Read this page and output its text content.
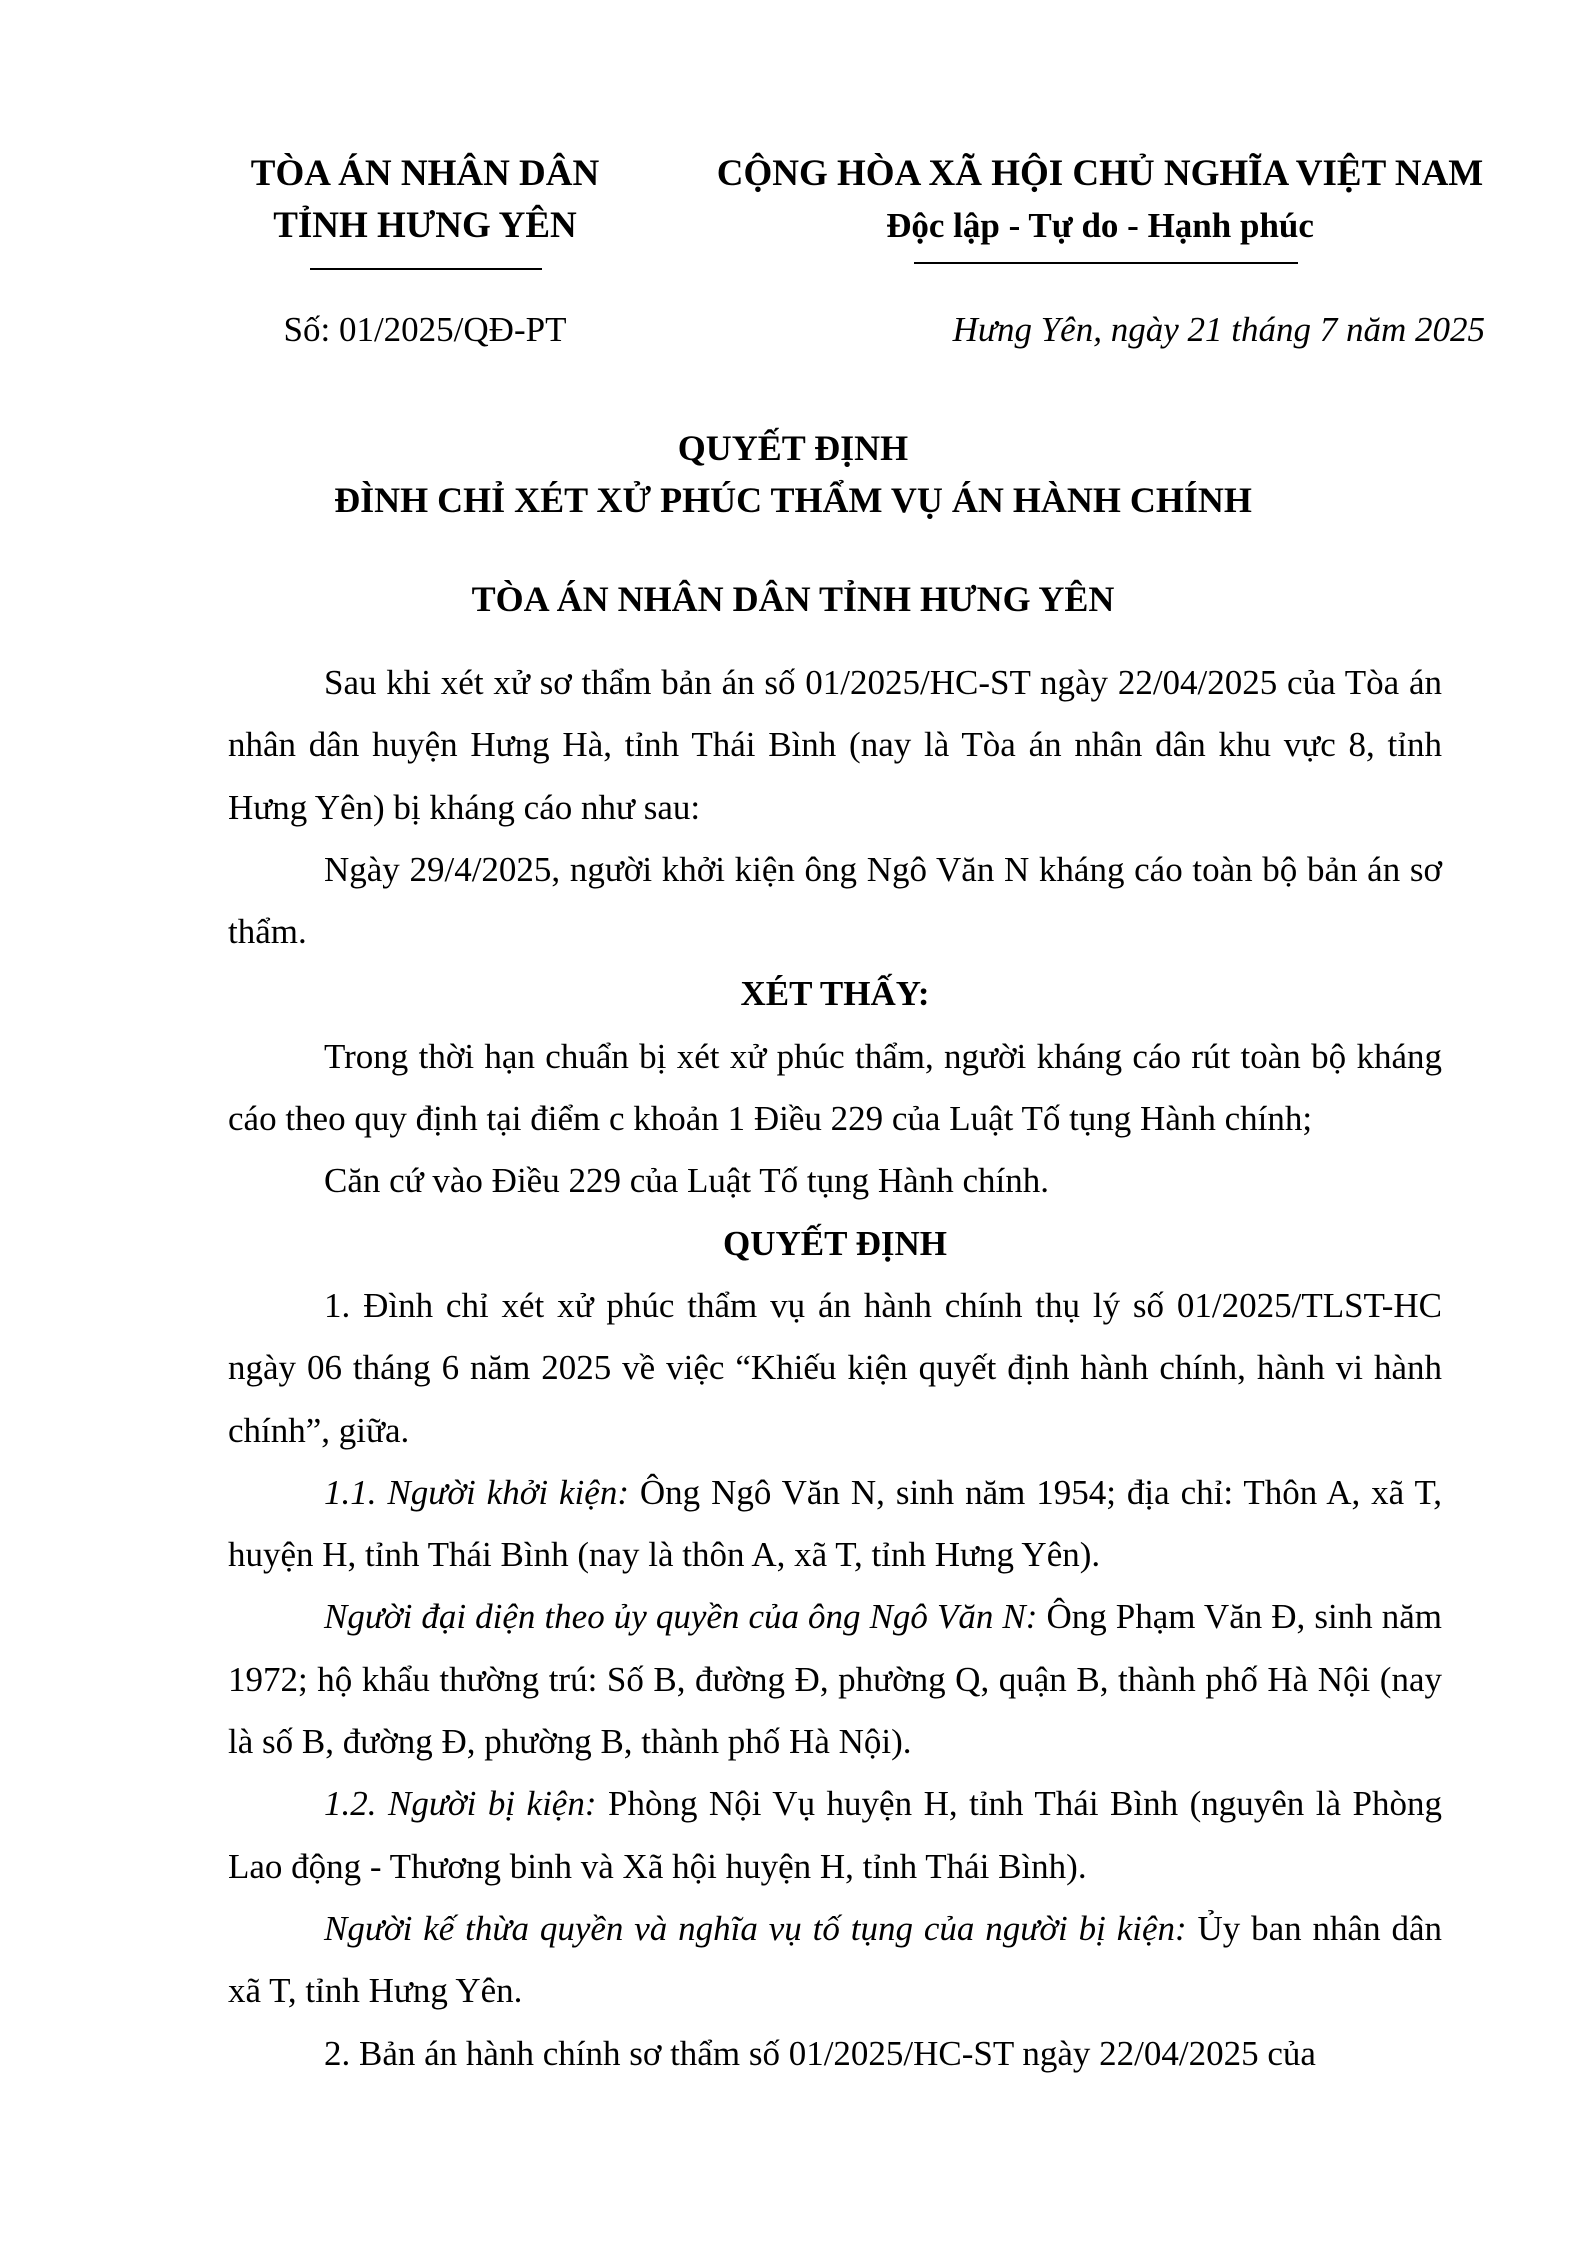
TÒA ÁN NHÂN DÂN
TỈNH HƯNG YÊN
CỘNG HÒA XÃ HỘI CHỦ NGHĨA VIỆT NAM
Độc lập - Tự do - Hạnh phúc
Số: 01/2025/QĐ-PT	Hưng Yên, ngày 21 tháng 7 năm 2025
QUYẾT ĐỊNH
ĐÌNH CHỈ XÉT XỬ PHÚC THẨM VỤ ÁN HÀNH CHÍNH
TÒA ÁN NHÂN DÂN TỈNH HƯNG YÊN

Sau khi xét xử sơ thẩm bản án số 01/2025/HC-ST ngày 22/04/2025 của Tòa án nhân dân huyện Hưng Hà, tỉnh Thái Bình (nay là Tòa án nhân dân khu vực 8, tỉnh Hưng Yên) bị kháng cáo như sau:

Ngày 29/4/2025, người khởi kiện ông Ngô Văn N kháng cáo toàn bộ bản án sơ thẩm.

XÉT THẤY:

Trong thời hạn chuẩn bị xét xử phúc thẩm, người kháng cáo rút toàn bộ kháng cáo theo quy định tại điểm c khoản 1 Điều 229 của Luật Tố tụng Hành chính;

Căn cứ vào Điều 229 của Luật Tố tụng Hành chính.

QUYẾT ĐỊNH

1. Đình chỉ xét xử phúc thẩm vụ án hành chính thụ lý số 01/2025/TLST-HC ngày 06 tháng 6 năm 2025 về việc “Khiếu kiện quyết định hành chính, hành vi hành chính”, giữa.

1.1. Người khởi kiện: Ông Ngô Văn N, sinh năm 1954; địa chỉ: Thôn A, xã T, huyện H, tỉnh Thái Bình (nay là thôn A, xã T, tỉnh Hưng Yên).

Người đại diện theo ủy quyền của ông Ngô Văn N: Ông Phạm Văn Đ, sinh năm 1972; hộ khẩu thường trú: Số B, đường Đ, phường Q, quận B, thành phố Hà Nội (nay là số B, đường Đ, phường B, thành phố Hà Nội).

1.2. Người bị kiện: Phòng Nội Vụ huyện H, tỉnh Thái Bình (nguyên là Phòng Lao động - Thương binh và Xã hội huyện H, tỉnh Thái Bình).

Người kế thừa quyền và nghĩa vụ tố tụng của người bị kiện: Ủy ban nhân dân xã T, tỉnh Hưng Yên.

2. Bản án hành chính sơ thẩm số 01/2025/HC-ST ngày 22/04/2025 của
